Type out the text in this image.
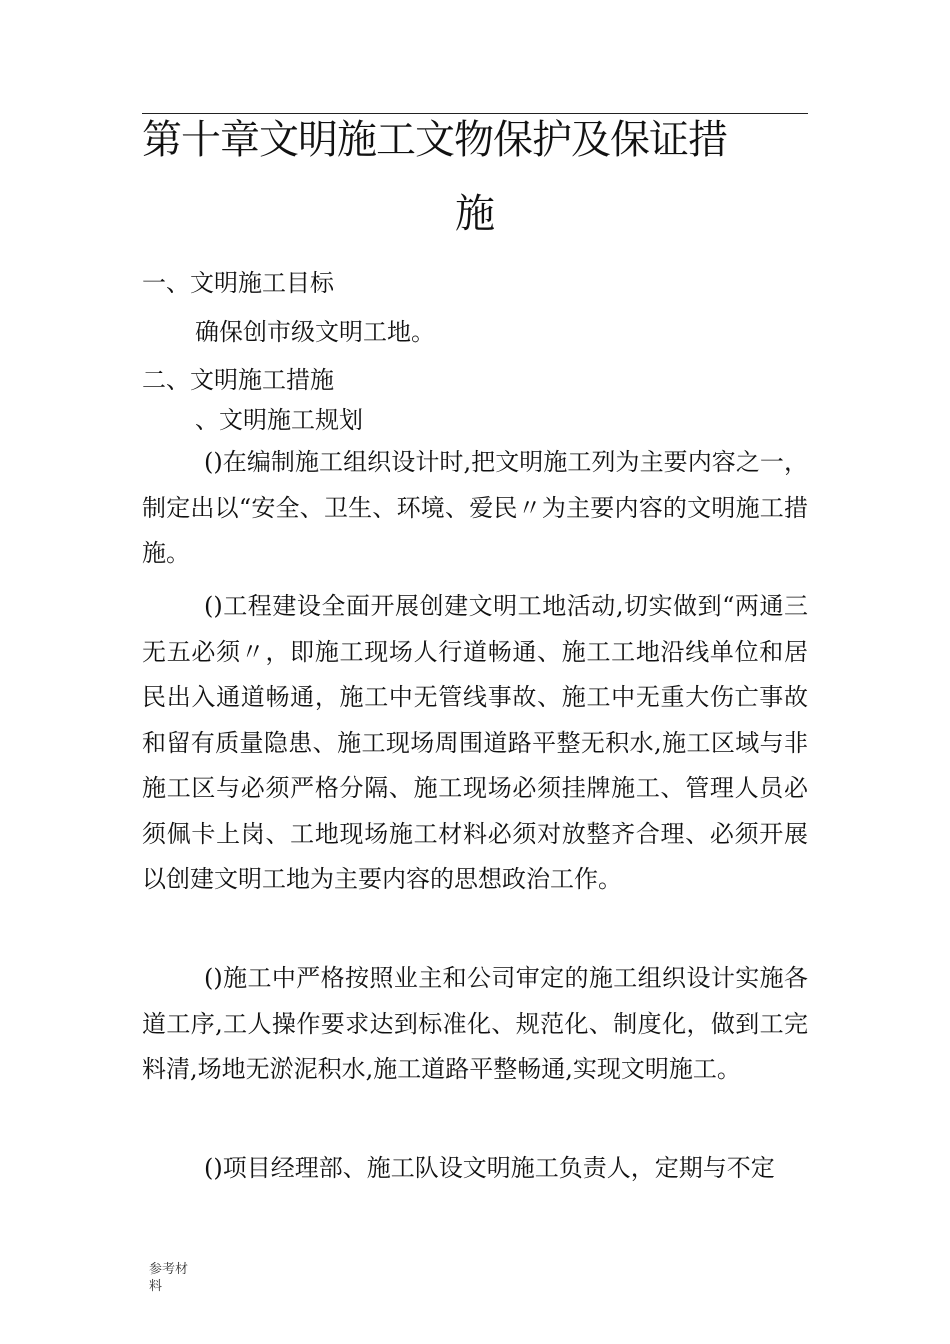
第十章文明施工文物保护及保证措
施
一、文明施工目标
确保创市级文明工地。
二、文明施工措施
、文明施工规划
()在编制施工组织设计时,把文明施工列为主要内容之一，制定出以“安全、卫生、环境、爱民〃为主要内容的文明施工措施。
()工程建设全面开展创建文明工地活动,切实做到“两通三无五必须〃，即施工现场人行道畅通、施工工地沿线单位和居民出入通道畅通，施工中无管线事故、施工中无重大伤亡事故和留有质量隐患、施工现场周围道路平整无积水,施工区域与非施工区与必须严格分隔、施工现场必须挂牌施工、管理人员必须佩卡上岗、工地现场施工材料必须对放整齐合理、必须开展以创建文明工地为主要内容的思想政治工作。
()施工中严格按照业主和公司审定的施工组织设计实施各道工序,工人操作要求达到标准化、规范化、制度化，做到工完料清,场地无淤泥积水,施工道路平整畅通,实现文明施工。
()项目经理部、施工队设文明施工负责人，定期与不定
参考材料
